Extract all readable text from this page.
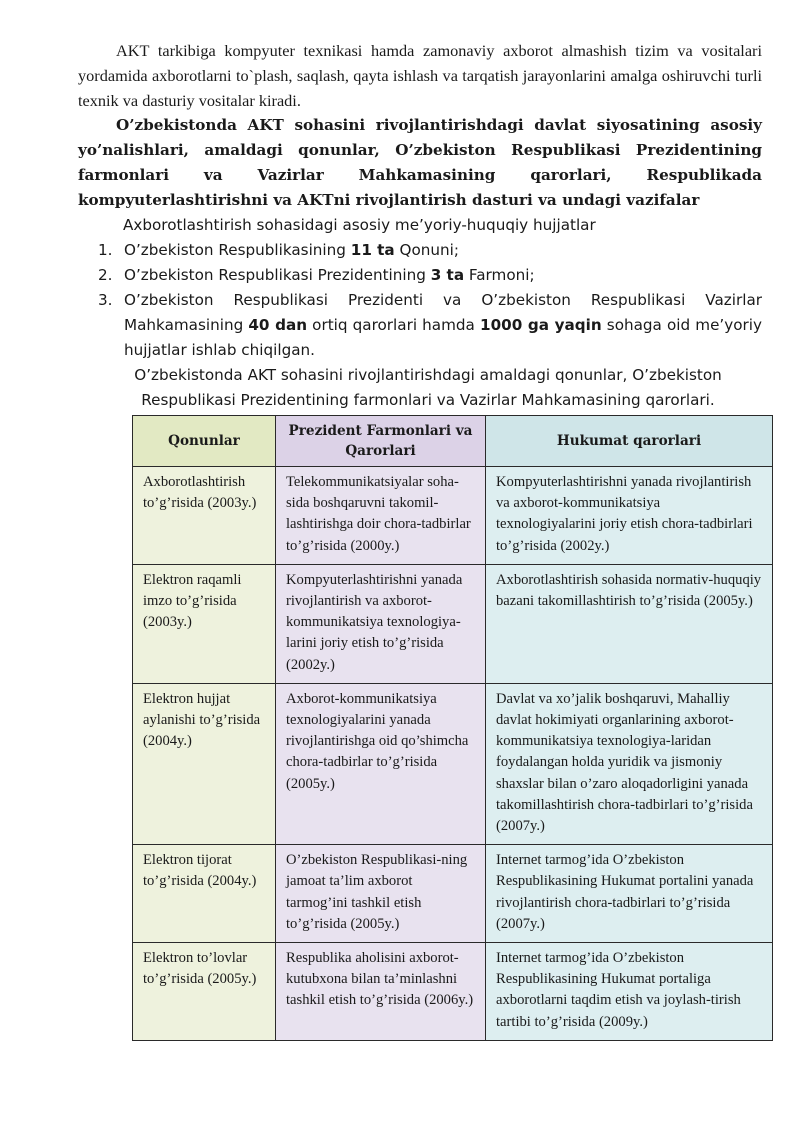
AKT tarkibiga kompyuter texnikasi hamda zamonaviy axborot almashish tizim va vositalari yordamida axborotlarni to`plash, saqlash, qayta ishlash va tarqatish jarayonlarini amalga oshiruvchi turli texnik va dasturiy vositalar kiradi.

O’zbekistonda AKT sohasini rivojlantirishdagi davlat siyosatining asosiy yo’nalishlari, amaldagi qonunlar, O’zbekiston Respublikasi Prezidentining farmonlari va Vazirlar Mahkamasining qarorlari, Respublikada kompyuterlashtirishni va AKTni rivojlantirish dasturi va undagi vazifalar

Axborotlashtirish sohasidagi asosiy me’yoriy-huquqiy hujjatlar

1. O’zbekiston Respublikasining 11 ta Qonuni;
2. O’zbekiston Respublikasi Prezidentining 3 ta Farmoni;
3. O’zbekiston Respublikasi Prezidenti va O’zbekiston Respublikasi Vazirlar Mahkamasining 40 dan ortiq qarorlari hamda 1000 ga yaqin sohaga oid me’yoriy hujjatlar ishlab chiqilgan.

O’zbekistonda AKT sohasini rivojlantirishdagi amaldagi qonunlar, O’zbekiston Respublikasi Prezidentining farmonlari va Vazirlar Mahkamasining qarorlari.

Qonunlar	Prezident Farmonlari va Qarorlari	Hukumat qarorlari
Axborotlashtirish to’g’risida (2003y.)	Telekommunikatsiyalar soha-sida boshqaruvni takomil-lashtirishga doir chora-tadbirlar to’g’risida (2000y.)	Kompyuterlashtirishni yanada rivojlantirish va axborot-kommunikatsiya texnologiyalarini joriy etish chora-tadbirlari to’g’risida (2002y.)
Elektron raqamli imzo to’g’risida (2003y.)	Kompyuterlashtirishni yanada rivojlantirish va axborot-kommunikatsiya texnologiya-larini joriy etish to’g’risida (2002y.)	Axborotlashtirish sohasida normativ-huquqiy bazani takomillashtirish to’g’risida (2005y.)
Elektron hujjat aylanishi to’g’risida (2004y.)	Axborot-kommunikatsiya texnologiyalarini yanada rivojlantirishga oid qo’shimcha chora-tadbirlar to’g’risida (2005y.)	Davlat va xo’jalik boshqaruvi, Mahalliy davlat hokimiyati organlarining axborot-kommunikatsiya texnologiya-laridan foydalangan holda yuridik va jismoniy shaxslar bilan o’zaro aloqadorligini yanada takomillashtirish chora-tadbirlari to’g’risida (2007y.)
Elektron tijorat to’g’risida (2004y.)	O’zbekiston Respublikasi-ning jamoat ta’lim axborot tarmog’ini tashkil etish to’g’risida (2005y.)	Internet tarmog’ida O’zbekiston Respublikasining Hukumat portalini yanada rivojlantirish chora-tadbirlari to’g’risida (2007y.)
Elektron to’lovlar to’g’risida (2005y.)	Respublika aholisini axborot-kutubxona bilan ta’minlashni tashkil etish to’g’risida (2006y.)	Internet tarmog’ida O’zbekiston Respublikasining Hukumat portaliga axborotlarni taqdim etish va joylash-tirish tartibi to’g’risida (2009y.)
